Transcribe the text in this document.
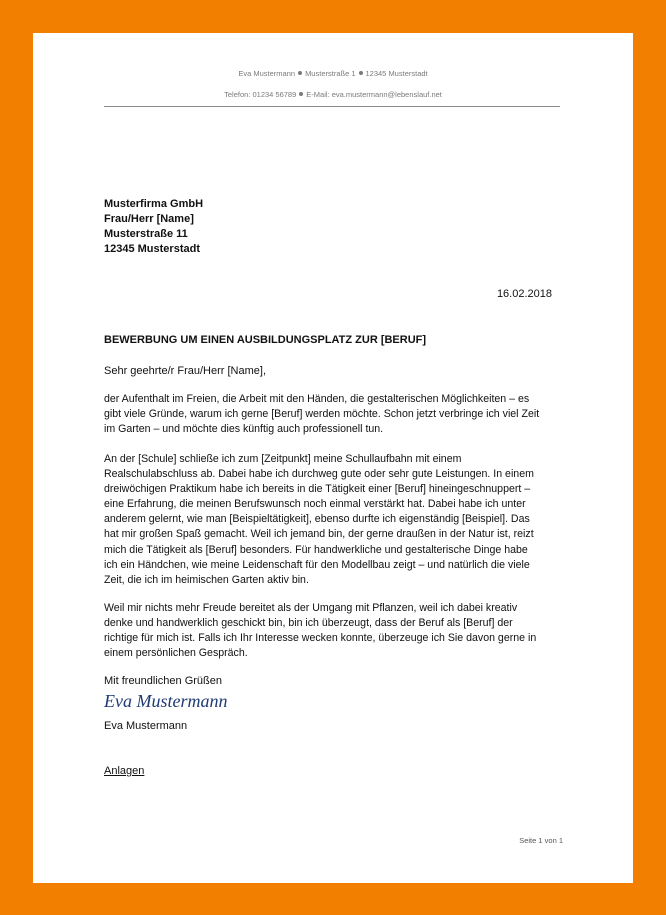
Eva Mustermann Musterstraße 1 12345 Musterstadt
Telefon: 01234 56789 E-Mail: eva.mustermann@lebenslauf.net
Musterfirma GmbH
Frau/Herr [Name]
Musterstraße 11
12345 Musterstadt
16.02.2018
BEWERBUNG UM EINEN AUSBILDUNGSPLATZ ZUR [BERUF]
Sehr geehrte/r Frau/Herr [Name],
der Aufenthalt im Freien, die Arbeit mit den Händen, die gestalterischen Möglichkeiten – es
gibt viele Gründe, warum ich gerne [Beruf] werden möchte. Schon jetzt verbringe ich viel Zeit
im Garten – und möchte dies künftig auch professionell tun.
An der [Schule] schließe ich zum [Zeitpunkt] meine Schullaufbahn mit einem
Realschulabschluss ab. Dabei habe ich durchweg gute oder sehr gute Leistungen. In einem
dreiwöchigen Praktikum habe ich bereits in die Tätigkeit einer [Beruf] hineingeschnuppert –
eine Erfahrung, die meinen Berufswunsch noch einmal verstärkt hat. Dabei habe ich unter
anderem gelernt, wie man [Beispieltätigkeit], ebenso durfte ich eigenständig [Beispiel]. Das
hat mir großen Spaß gemacht. Weil ich jemand bin, der gerne draußen in der Natur ist, reizt
mich die Tätigkeit als [Beruf] besonders. Für handwerkliche und gestalterische Dinge habe
ich ein Händchen, wie meine Leidenschaft für den Modellbau zeigt – und natürlich die viele
Zeit, die ich im heimischen Garten aktiv bin.
Weil mir nichts mehr Freude bereitet als der Umgang mit Pflanzen, weil ich dabei kreativ
denke und handwerklich geschickt bin, bin ich überzeugt, dass der Beruf als [Beruf] der
richtige für mich ist. Falls ich Ihr Interesse wecken konnte, überzeuge ich Sie davon gerne in
einem persönlichen Gespräch.
Mit freundlichen Grüßen
Eva Mustermann
Eva Mustermann
Anlagen
Seite 1 von 1
